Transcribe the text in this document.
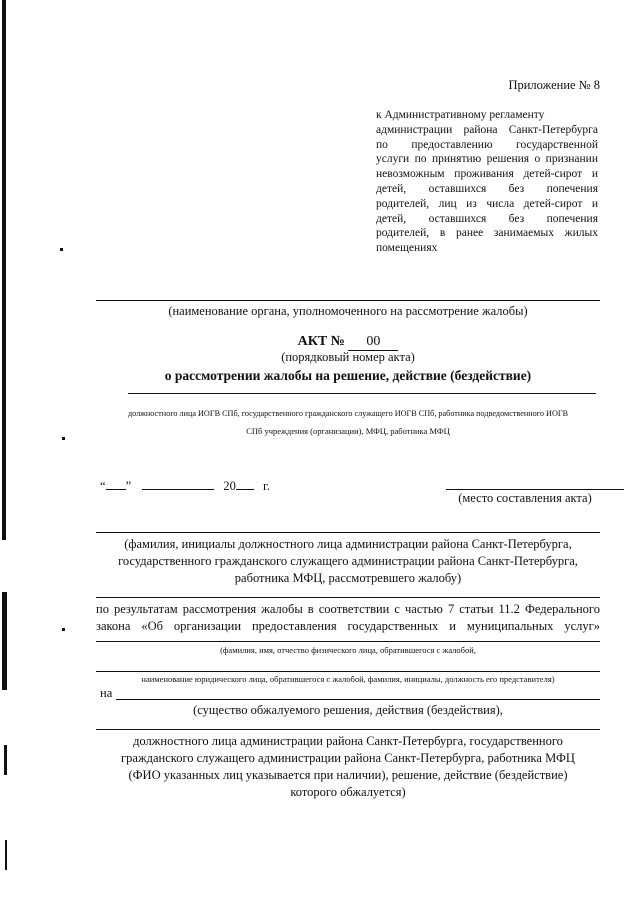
Приложение № 8
к Административному регламенту
администрации района Санкт-Петербурга
по предоставлению государственной
услуги по принятию решения о признании
невозможным проживания детей-сирот и
детей, оставшихся без попечения
родителей, лиц из числа детей-сирот и
детей, оставшихся без попечения
родителей, в ранее занимаемых жилых
помещениях
(наименование органа, уполномоченного на рассмотрение жалобы)
АКТ № 00
(порядковый номер акта)
о рассмотрении жалобы на решение, действие (бездействие)
должностного лица ИОГВ СПб, государственного гражданского служащего ИОГВ СПб, работника подведомственного ИОГВ
СПб учреждения (организации), МФЦ, работника МФЦ
“ ”	20 г.
(место составления акта)
(фамилия, инициалы должностного лица администрации района Санкт-Петербурга,
государственного гражданского служащего администрации района Санкт-Петербурга,
работника МФЦ, рассмотревшего жалобу)
по результатам рассмотрения жалобы в соответствии с частью 7 статьи 11.2 Федерального
закона «Об организации предоставления государственных и муниципальных услуг»
(фамилия, имя, отчество физического лица, обратившегося с жалобой,
наименование юридического лица, обратившегося с жалобой, фамилия, инициалы, должность его представителя)
на
(существо обжалуемого решения, действия (бездействия),
должностного лица администрации района Санкт-Петербурга, государственного
гражданского служащего администрации района Санкт-Петербурга, работника МФЦ
(ФИО указанных лиц указывается при наличии), решение, действие (бездействие)
которого обжалуется)
